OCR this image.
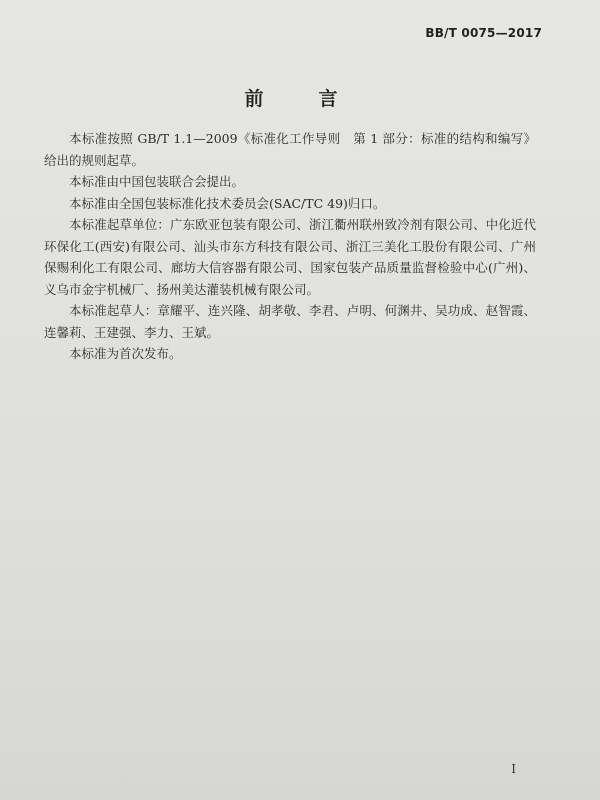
BB/T 0075—2017
前　言

本标准按照 GB/T 1.1—2009《标准化工作导则　第 1 部分：标准的结构和编写》给出的规则起草。

本标准由中国包装联合会提出。

本标准由全国包装标准化技术委员会(SAC/TC 49)归口。

本标准起草单位：广东欧亚包装有限公司、浙江衢州联州致冷剂有限公司、中化近代环保化工(西安)有限公司、汕头市东方科技有限公司、浙江三美化工股份有限公司、广州保赐利化工有限公司、廊坊大信容器有限公司、国家包装产品质量监督检验中心(广州)、义乌市金宇机械厂、扬州美达灌装机械有限公司。

本标准起草人：章耀平、连兴隆、胡孝敬、李君、卢明、何渊井、吴功成、赵智霞、连馨莉、王建强、李力、王斌。

本标准为首次发布。

I
